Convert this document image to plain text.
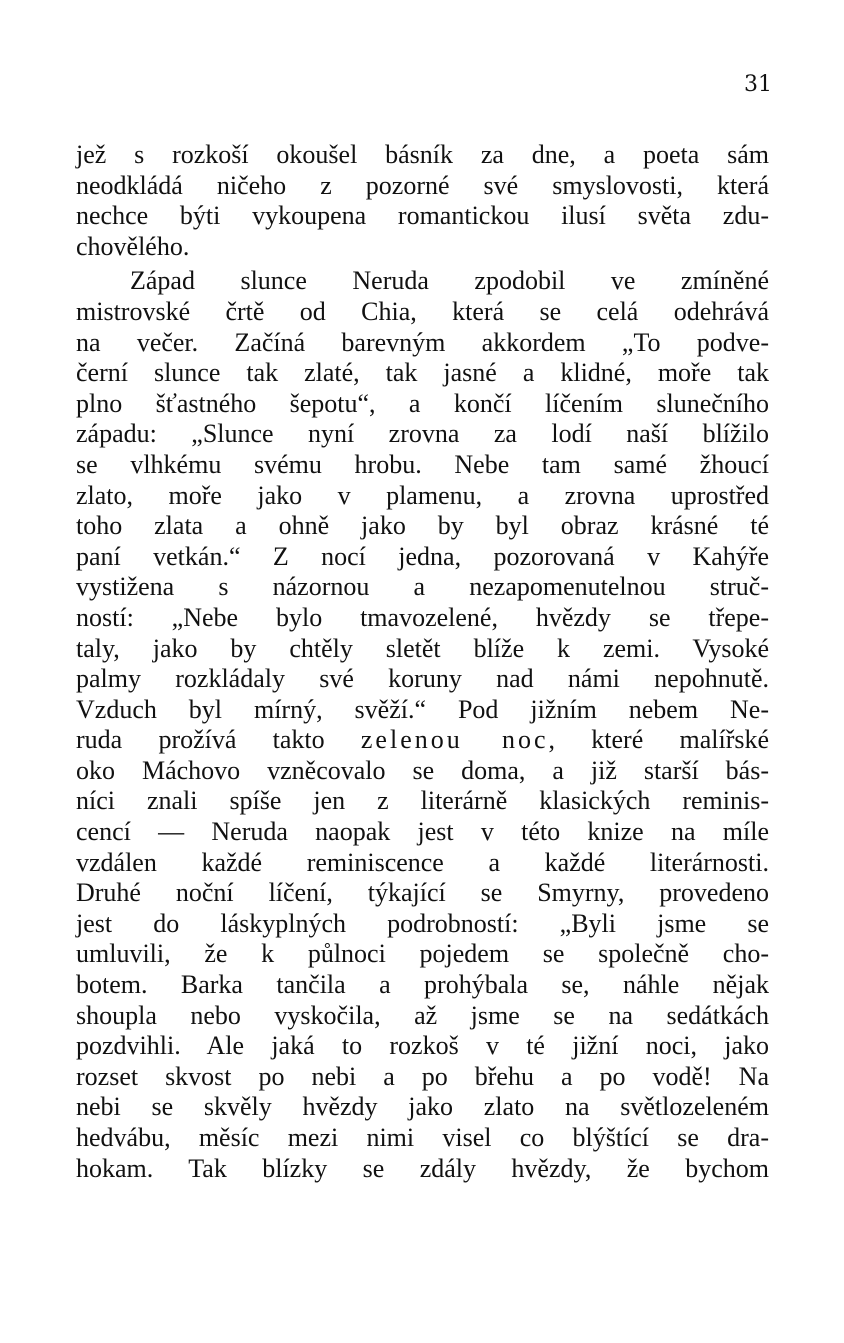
31
jež s rozkoší okoušel básník za dne, a poeta sám
neodkládá ničeho z pozorné své smyslovosti, která
nechce býti vykoupena romantickou ilusí světa zdu-
chovělého.
Západ slunce Neruda zpodobil ve zmíněné
mistrovské črtě od Chia, která se celá odehrává
na večer. Začíná barevným akkordem „To podve-
černí slunce tak zlaté, tak jasné a klidné, moře tak
plno šťastného šepotu“, a končí líčením slunečního
západu: „Slunce nyní zrovna za lodí naší blížilo
se vlhkému svému hrobu. Nebe tam samé žhoucí
zlato, moře jako v plamenu, a zrovna uprostřed
toho zlata a ohně jako by byl obraz krásné té
paní vetkán.“ Z nocí jedna, pozorovaná v Kahýře
vystižena s názornou a nezapomenutelnou struč-
ností: „Nebe bylo tmavozelené, hvězdy se třepe-
taly, jako by chtěly sletět blíže k zemi. Vysoké
palmy rozkládaly své koruny nad námi nepohnutě.
Vzduch byl mírný, svěží.“ Pod jižním nebem Ne-
ruda prožívá takto zelenou noc, které malířské
oko Máchovo vzněcovalo se doma, a již starší bás-
níci znali spíše jen z literárně klasických reminis-
cencí — Neruda naopak jest v této knize na míle
vzdálen každé reminiscence a každé literárnosti.
Druhé noční líčení, týkající se Smyrny, provedeno
jest do láskyplných podrobností: „Byli jsme se
umluvili, že k půlnoci pojedem se společně cho-
botem. Barka tančila a prohýbala se, náhle nějak
shoupla nebo vyskočila, až jsme se na sedátkách
pozdvihli. Ale jaká to rozkoš v té jižní noci, jako
rozset skvost po nebi a po břehu a po vodě! Na
nebi se skvěly hvězdy jako zlato na světlozeleném
hedvábu, měsíc mezi nimi visel co blýštící se dra-
hokam. Tak blízky se zdály hvězdy, že bychom
